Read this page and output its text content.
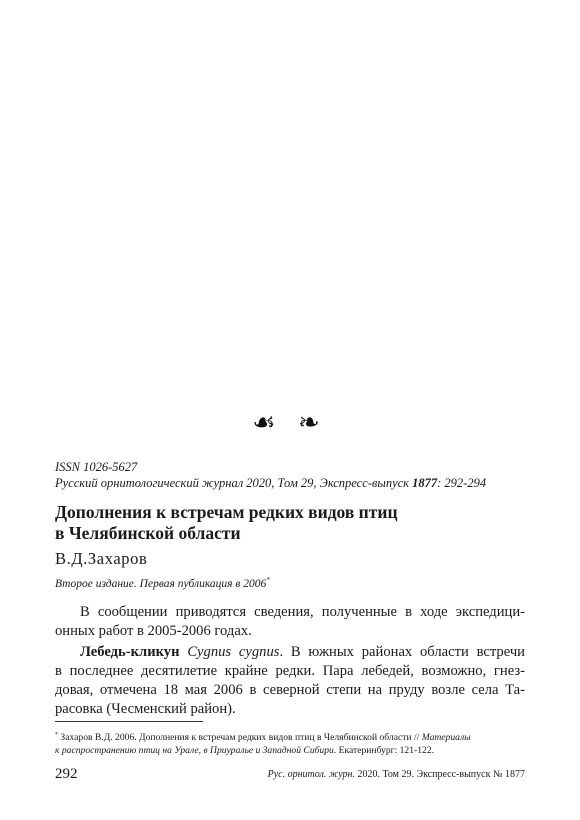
☙ ❧
ISSN 1026-5627
Русский орнитологический журнал 2020, Том 29, Экспресс-выпуск 1877: 292-294
Дополнения к встречам редких видов птиц
в Челябинской области
В.Д.Захаров
Второе издание. Первая публикация в 2006*
В сообщении приводятся сведения, полученные в ходе экспедици-
онных работ в 2005-2006 годах.
Лебедь-кликун Cygnus cygnus. В южных районах области встречи
в последнее десятилетие крайне редки. Пара лебедей, возможно, гнез-
довая, отмечена 18 мая 2006 в северной степи на пруду возле села Та-
расовка (Чесменский район).
* Захаров В.Д. 2006. Дополнения к встречам редких видов птиц в Челябинской области // Материалы
к распространению птиц на Урале, в Приуралье и Западной Сибири. Екатеринбург: 121-122.
292	Рус. орнитол. журн. 2020. Том 29. Экспресс-выпуск № 1877
